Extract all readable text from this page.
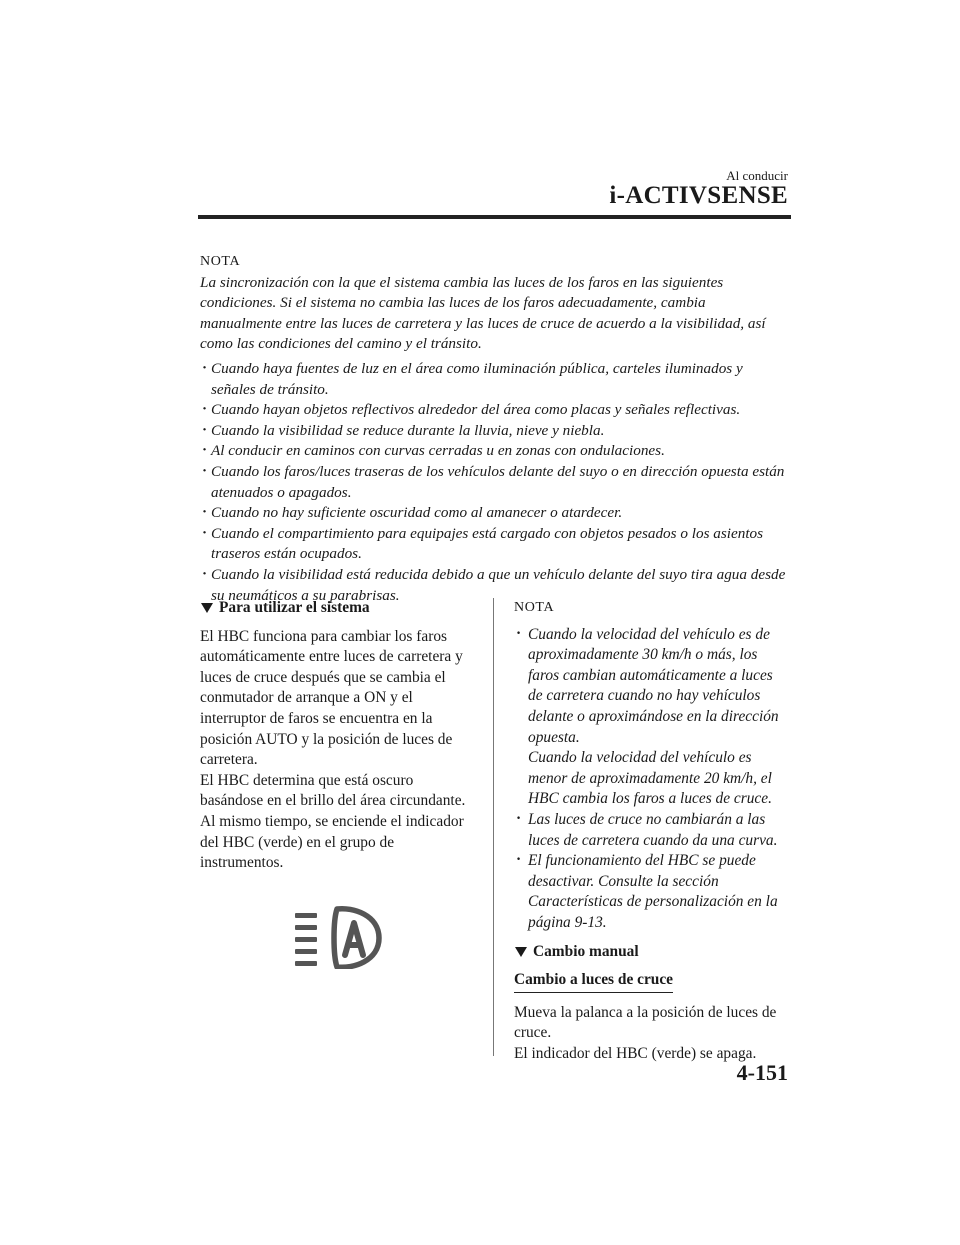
Al conducir
i-ACTIVSENSE
NOTA
La sincronización con la que el sistema cambia las luces de los faros en las siguientes condiciones. Si el sistema no cambia las luces de los faros adecuadamente, cambia manualmente entre las luces de carretera y las luces de cruce de acuerdo a la visibilidad, así como las condiciones del camino y el tránsito.
· Cuando haya fuentes de luz en el área como iluminación pública, carteles iluminados y señales de tránsito.
· Cuando hayan objetos reflectivos alrededor del área como placas y señales reflectivas.
· Cuando la visibilidad se reduce durante la lluvia, nieve y niebla.
· Al conducir en caminos con curvas cerradas u en zonas con ondulaciones.
· Cuando los faros/luces traseras de los vehículos delante del suyo o en dirección opuesta están atenuados o apagados.
· Cuando no hay suficiente oscuridad como al amanecer o atardecer.
· Cuando el compartimiento para equipajes está cargado con objetos pesados o los asientos traseros están ocupados.
· Cuando la visibilidad está reducida debido a que un vehículo delante del suyo tira agua desde su neumáticos a su parabrisas.
Para utilizar el sistema
El HBC funciona para cambiar los faros automáticamente entre luces de carretera y luces de cruce después que se cambia el conmutador de arranque a ON y el interruptor de faros se encuentra en la posición AUTO y la posición de luces de carretera.
El HBC determina que está oscuro basándose en el brillo del área circundante. Al mismo tiempo, se enciende el indicador del HBC (verde) en el grupo de instrumentos.
NOTA
· Cuando la velocidad del vehículo es de aproximadamente 30 km/h o más, los faros cambian automáticamente a luces de carretera cuando no hay vehículos delante o aproximándose en la dirección opuesta.
Cuando la velocidad del vehículo es menor de aproximadamente 20 km/h, el HBC cambia los faros a luces de cruce.
· Las luces de cruce no cambiarán a las luces de carretera cuando da una curva.
· El funcionamiento del HBC se puede desactivar. Consulte la sección Características de personalización en la página 9-13.
Cambio manual
Cambio a luces de cruce
Mueva la palanca a la posición de luces de cruce.
El indicador del HBC (verde) se apaga.
4-151
